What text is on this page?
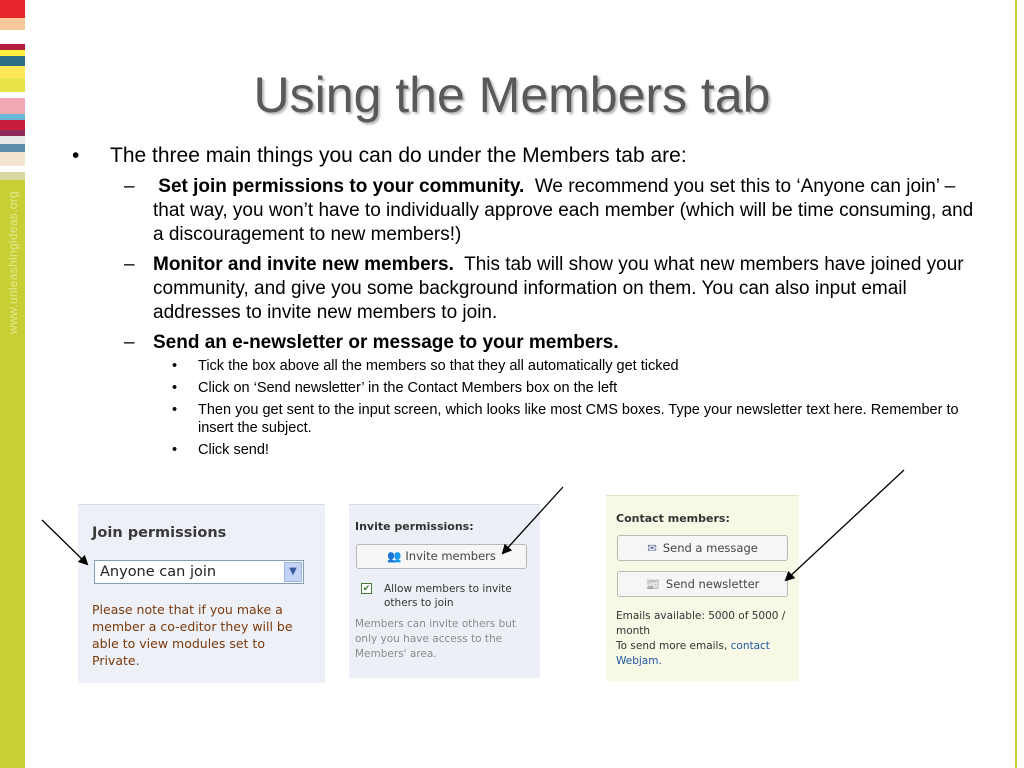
www.unleashingideas.org
Using the Members tab
• The three main things you can do under the Members tab are:
– Set join permissions to your community. We recommend you set this to ‘Anyone can join’ – that way, you won’t have to individually approve each member (which will be time consuming, and a discouragement to new members!)
– Monitor and invite new members. This tab will show you what new members have joined your community, and give you some background information on them. You can also input email addresses to invite new members to join.
– Send an e-newsletter or message to your members.
• Tick the box above all the members so that they all automatically get ticked
• Click on ‘Send newsletter’ in the Contact Members box on the left
• Then you get sent to the input screen, which looks like most CMS boxes. Type your newsletter text here. Remember to insert the subject.
• Click send!
Join permissions
Anyone can join	▼
Please note that if you make a member a co-editor they will be able to view modules set to Private.
Invite permissions:
👥 Invite members
✔ Allow members to invite others to join
Members can invite others but only you have access to the Members' area.
Contact members:
✉ Send a message
📰 Send newsletter
Emails available: 5000 of 5000 / month
To send more emails, contact Webjam.
